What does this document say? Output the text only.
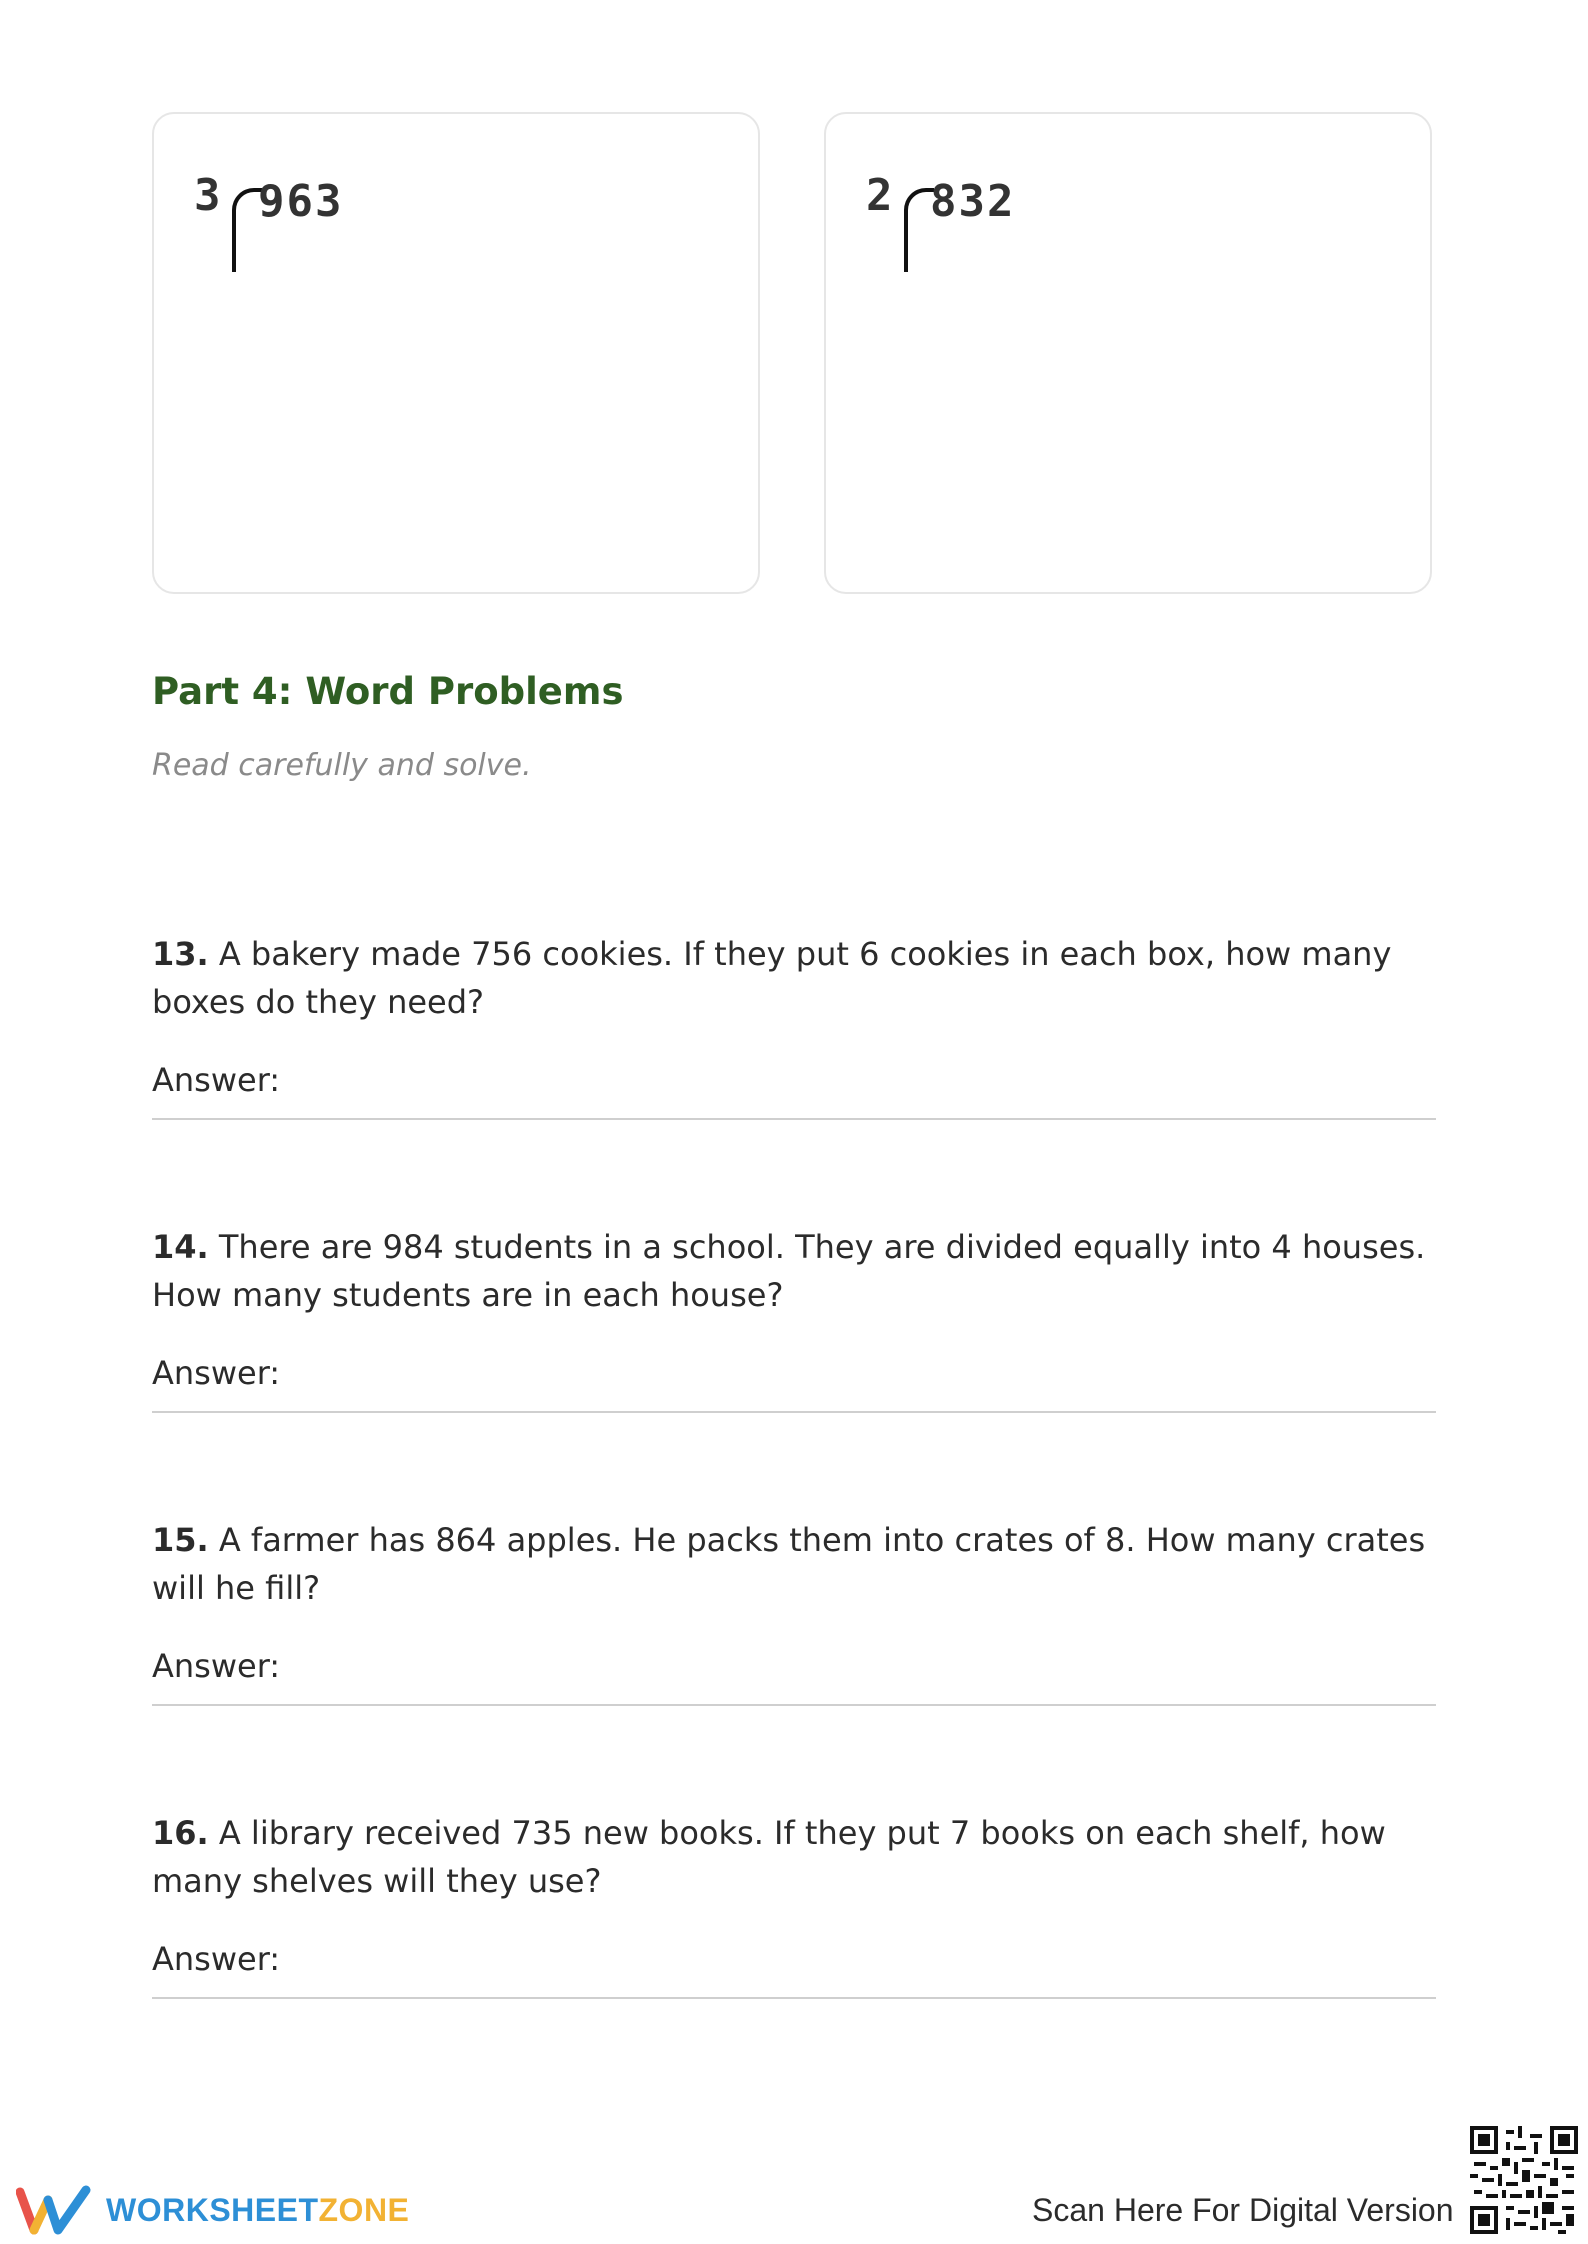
3 963	2 832
Part 4: Word Problems

Read carefully and solve.

13. A bakery made 756 cookies. If they put 6 cookies in each box, how many boxes do they need?

Answer:

14. There are 984 students in a school. They are divided equally into 4 houses. How many students are in each house?

Answer:

15. A farmer has 864 apples. He packs them into crates of 8. How many crates will he fill?

Answer:

16. A library received 735 new books. If they put 7 books on each shelf, how many shelves will they use?

Answer:
WORKSHEETZONE	Scan Here For Digital Version
